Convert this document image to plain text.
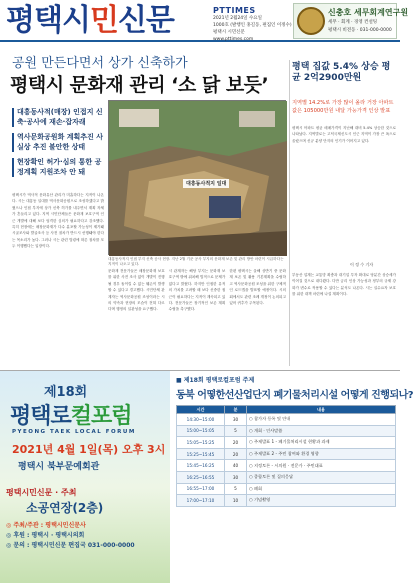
평택시민신문	PTTIMES

2021년 2월24일 수요일
1000호 (발행인 홍길동, 편집인 이정수)
평택시 시민신문
www.pttimes.com
신충호 세무회계연구원
세무 · 회계 · 경영 컨설팅
평택시 비전동 · 031-000-0000
공원 만든다면서 상가 신축하가
평택시 문화재 관리 ‘소 닭 보듯’
대흥동사적(매장) 인접지 신축·공사에 재손·잡자래
역사문화공원화 계획추진 사실상 추진 불안한 상태
현장확인 허가·심의 통한 공정계획 지원조차 안 돼
평택시가 역사적 문화유산 관리가 미흡하다는 지적이 나온다. 시는 대흥동 일대를 역사문화공원으로 조성하겠다고 밝혔으나 인접 부지에 상가 신축 허가를 내주면서 계획 자체가 흔들리고 있다. 지역 시민단체들은 문화재 보호구역 인근 개발에 대해 보다 엄격한 심의가 필요하다고 강조했다. 특히 현장에는 매장문화재가 다수 분포할 가능성이 제기돼 시굴조사와 발굴조사 등 사전 절차가 반드시 선행돼야 한다는 목소리가 높다. 그러나 시는 관련 법령에 따른 절차를 모두 이행했다는 입장이다.
대흥동사적지 일대
대흥동사적지 인접 부지 신축 공사 현장. 지난 2월 기준 공사 부지의 문화재 보존 및 관리 방안 마련이 시급하다는 지적이 나오고 있다.
문화재 전문가들은 매장문화재 보호를 위한 사전 조사 없이 개발이 진행될 경우 돌이킬 수 없는 훼손이 발생할 수 있다고 경고했다. 시민단체 관계자는 역사문화공원 조성이라는 시의 약속과 현장의 모습이 전혀 다르다며 행정의 일관성을 요구했다.
시 관계자는 해당 부지는 문화재 보호구역 밖에 위치해 법적으로 문제가 없다고 밝혔다. 하지만 인접한 유적의 가치를 고려할 때 보다 신중한 접근이 필요하다는 지적이 계속되고 있다. 전문가들은 장기적인 보존 계획 수립을 촉구했다.
한편 평택시는 올해 상반기 중 문화재 보존 및 활용 기본계획을 수립하고 역사문화공원 조성을 위한 구체적인 로드맵을 발표할 예정이다. 시의회에서도 관련 조례 개정이 논의되고 있어 귀추가 주목된다.
평택 집값 5.4% 상승 평균 2억2900만원
지역별 14.2%로 가장 많이 올라 거장 아파트값은 105000만원 내달 가능가격 인상 발표
평택시 아파트 평균 매매가격이 지난해 대비 5.4% 상승한 것으로 나타났다. 지역별로는 고덕국제신도시 인근 지역이 가장 큰 폭으로 올랐으며 신규 분양 단지의 인기가 이어지고 있다.
이 정 수 기자
부동산 업계는 교통망 확충과 대기업 투자 확대로 당분간 상승세가 이어질 것으로 내다봤다. 다만 금리 인상 가능성과 정부의 규제 강화가 변수로 작용할 수 있다는 분석도 나온다. 시는 실수요자 보호를 위한 대책 마련에 나설 계획이다.
제18회
평택로컬포럼
PYEONG TAEK LOCAL FORUM
2021년 4월 1일(목) 오후 3시
평택시 북부문예회관
평택시민신문 · 주최
소공연장(2층)
◎ 주최/주관 : 평택시민신문사
◎ 후원 : 평택시 · 평택시의회
◎ 문의 : 평택시민신문 편집국 031-000-0000
■ 제18회 평택로컬포럼 주제
동북 어떻한선산업단지 폐기물처리시설 어떻게 진행되나?
시간	분	내용
14:30~15:00	30	○ 참가자 등록 및 안내
15:00~15:05	5	○ 개회 · 인사말씀
15:05~15:25	20	○ 주제발표 1 - 폐기물처리시설 현황과 과제
15:25~15:45	20	○ 주제발표 2 - 주민 참여와 환경 영향
15:45~16:25	40	○ 지정토론 - 시의원 · 전문가 · 주민대표
16:25~16:55	30	○ 종합토론 및 질의응답
16:55~17:00	5	○ 폐회
17:00~17:10	10	○ 기념촬영
